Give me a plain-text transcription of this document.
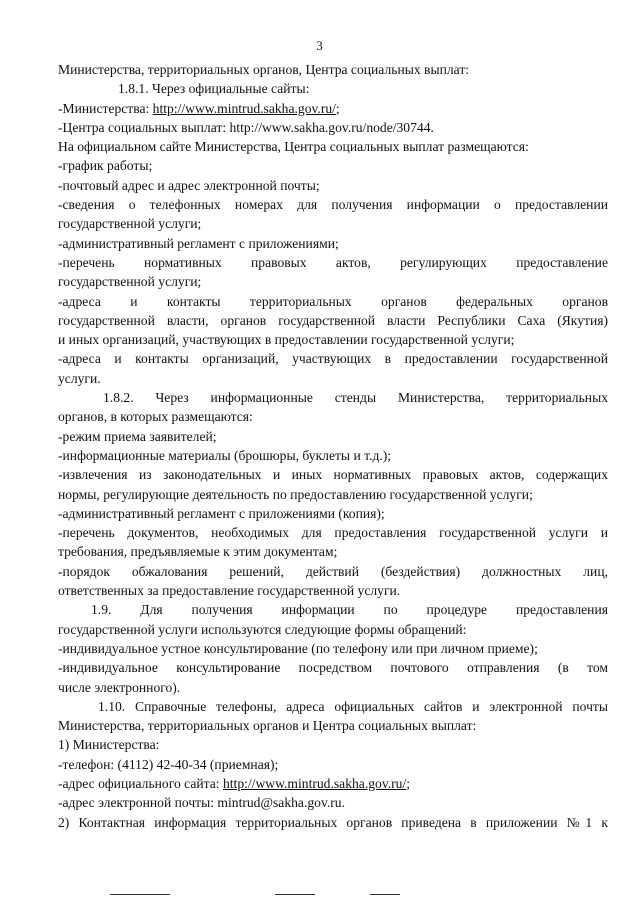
3
Министерства, территориальных органов, Центра социальных выплат:
1.8.1. Через официальные сайты:
-Министерства: http://www.mintrud.sakha.gov.ru/;
-Центра социальных выплат: http://www.sakha.gov.ru/node/30744.
На официальном сайте Министерства, Центра социальных выплат размещаются:
-график работы;
-почтовый адрес и адрес электронной почты;
-сведения о телефонных номерах для получения информации о предоставлении
государственной услуги;
-административный регламент с приложениями;
-перечень нормативных правовых актов, регулирующих предоставление
государственной услуги;
-адреса и контакты территориальных органов федеральных органов
государственной власти, органов государственной власти Республики Саха (Якутия)
и иных организаций, участвующих в предоставлении государственной услуги;
-адреса и контакты организаций, участвующих в предоставлении государственной
услуги.
1.8.2. Через информационные стенды Министерства, территориальных
органов, в которых размещаются:
-режим приема заявителей;
-информационные материалы (брошюры, буклеты и т.д.);
-извлечения из законодательных и иных нормативных правовых актов, содержащих
нормы, регулирующие деятельность по предоставлению государственной услуги;
-административный регламент с приложениями (копия);
-перечень документов, необходимых для предоставления государственной услуги и
требования, предъявляемые к этим документам;
-порядок обжалования решений, действий (бездействия) должностных лиц,
ответственных за предоставление государственной услуги.
1.9. Для получения информации по процедуре предоставления
государственной услуги используются следующие формы обращений:
-индивидуальное устное консультирование (по телефону или при личном приеме);
-индивидуальное консультирование посредством почтового отправления (в том
числе электронного).
1.10. Справочные телефоны, адреса официальных сайтов и электронной почты
Министерства, территориальных органов и Центра социальных выплат:
1) Министерства:
-телефон: (4112) 42-40-34 (приемная);
-адрес официального сайта: http://www.mintrud.sakha.gov.ru/;
-адрес электронной почты: mintrud@sakha.gov.ru.
2) Контактная информация территориальных органов приведена в приложении №1 к
